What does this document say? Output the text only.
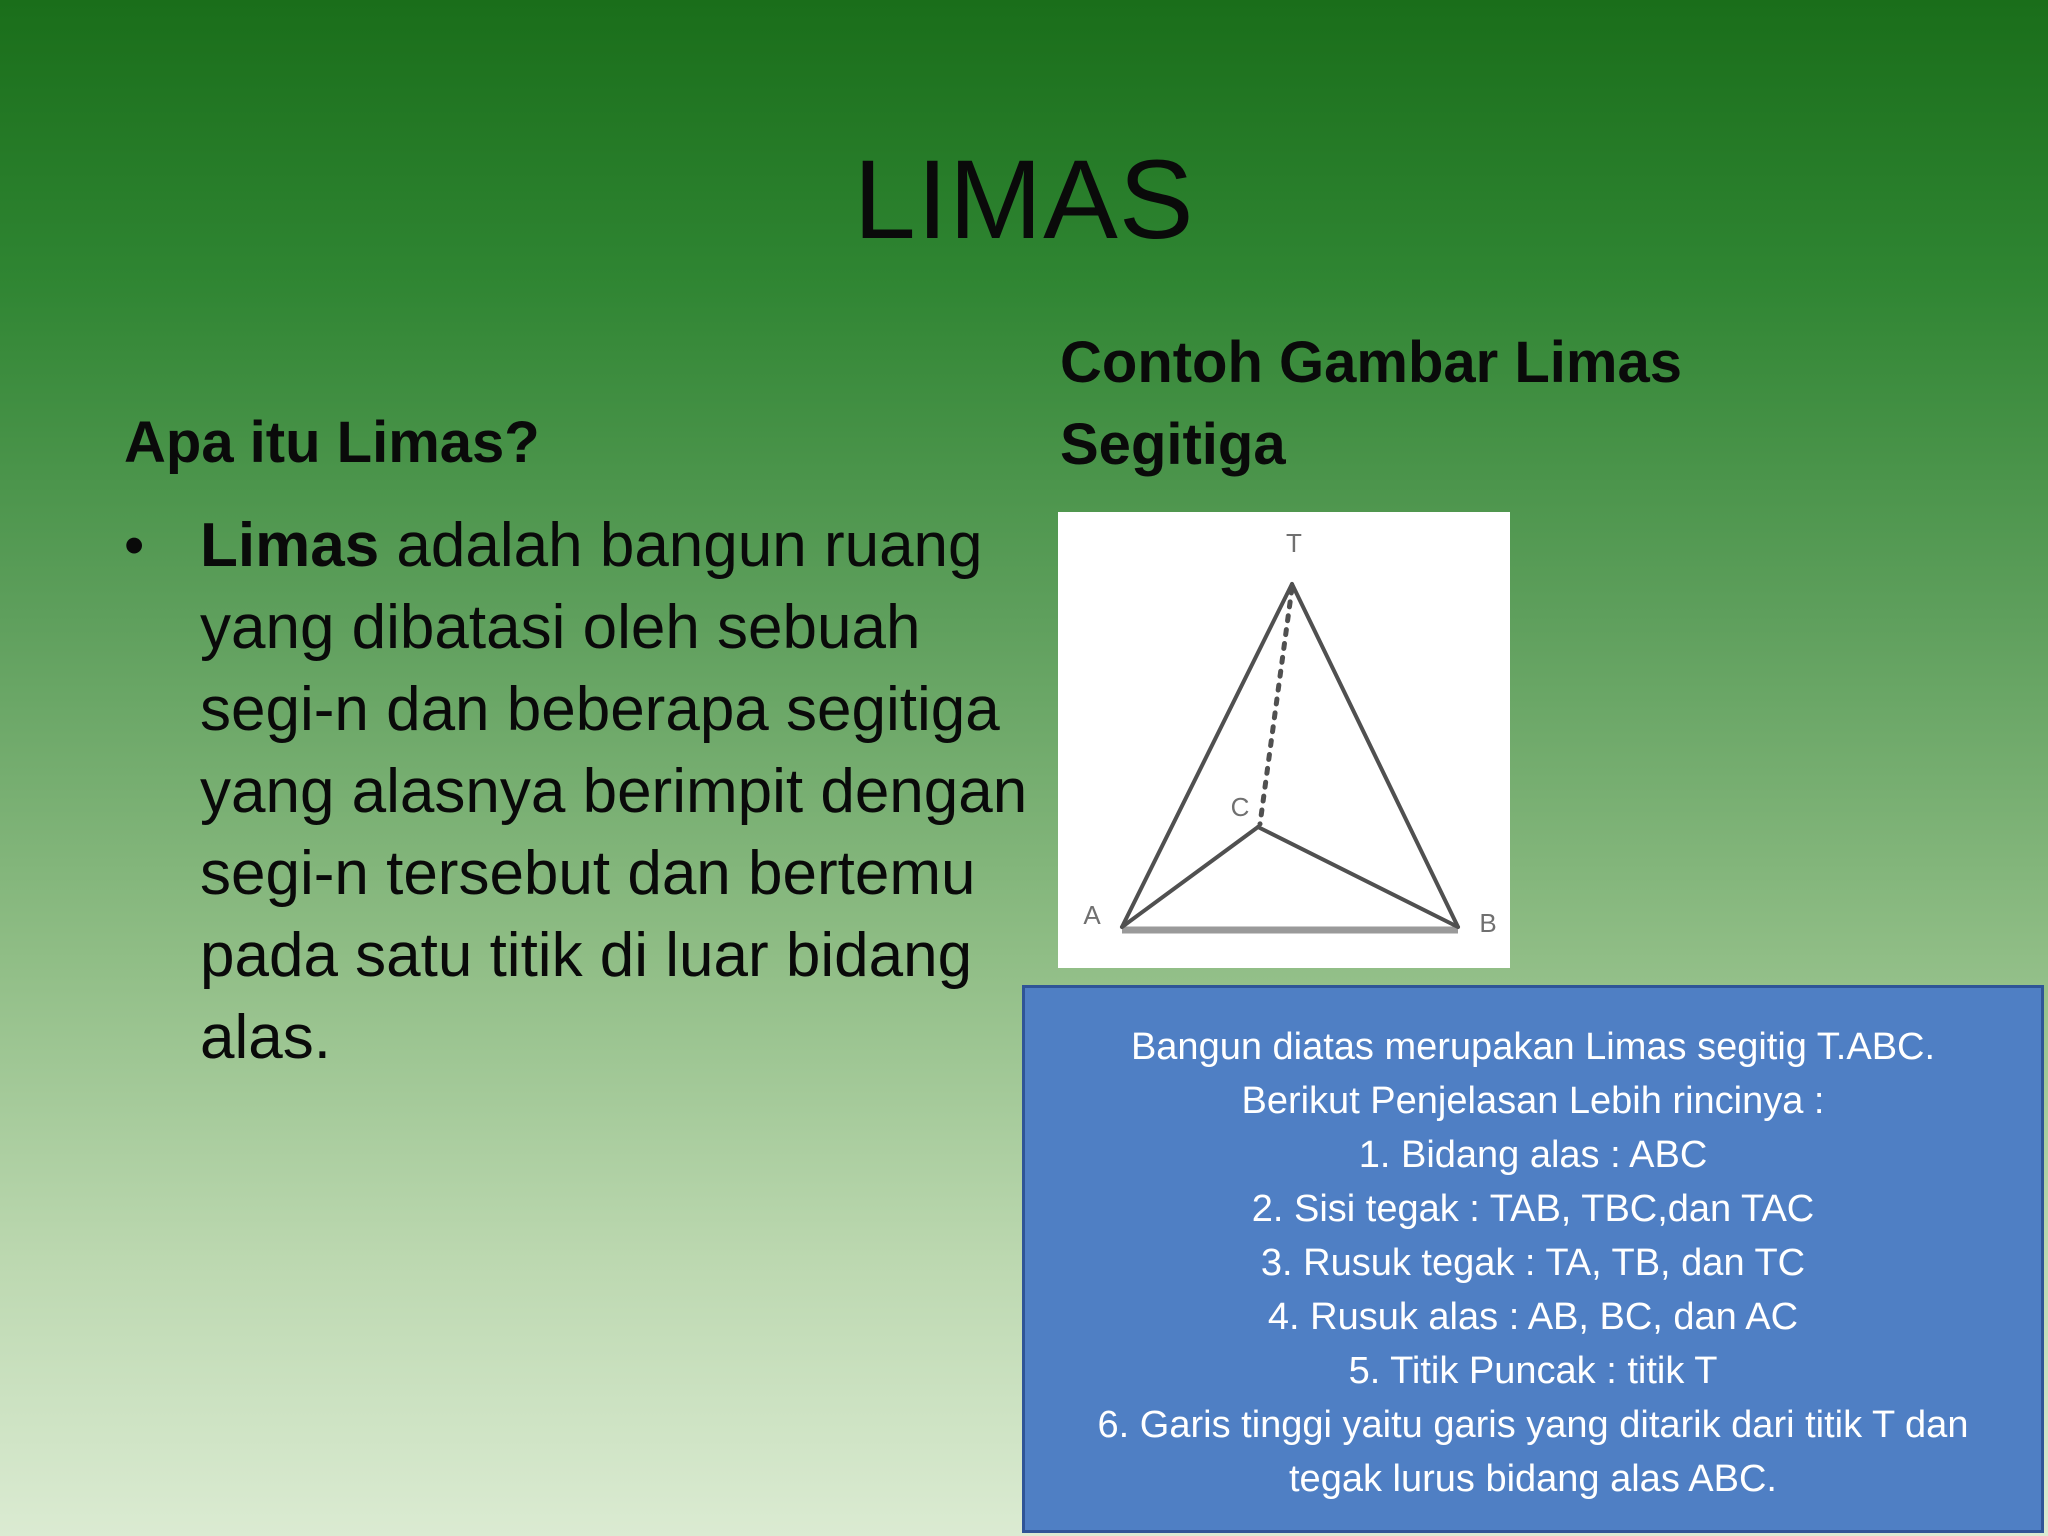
LIMAS
Apa itu Limas?
• Limas adalah bangun ruang yang dibatasi oleh sebuah segi-n dan beberapa segitiga yang alasnya berimpit dengan segi-n tersebut dan bertemu pada satu titik di luar bidang alas.
Contoh Gambar Limas
Segitiga
T
A	B
C
Bangun diatas merupakan Limas segitig T.ABC.
Berikut Penjelasan Lebih rincinya :
1. Bidang alas : ABC
2. Sisi tegak : TAB, TBC,dan TAC
3. Rusuk tegak : TA, TB, dan TC
4. Rusuk alas : AB, BC, dan AC
5. Titik Puncak : titik T
6. Garis tinggi yaitu garis yang ditarik dari titik T dan
tegak lurus bidang alas ABC.
